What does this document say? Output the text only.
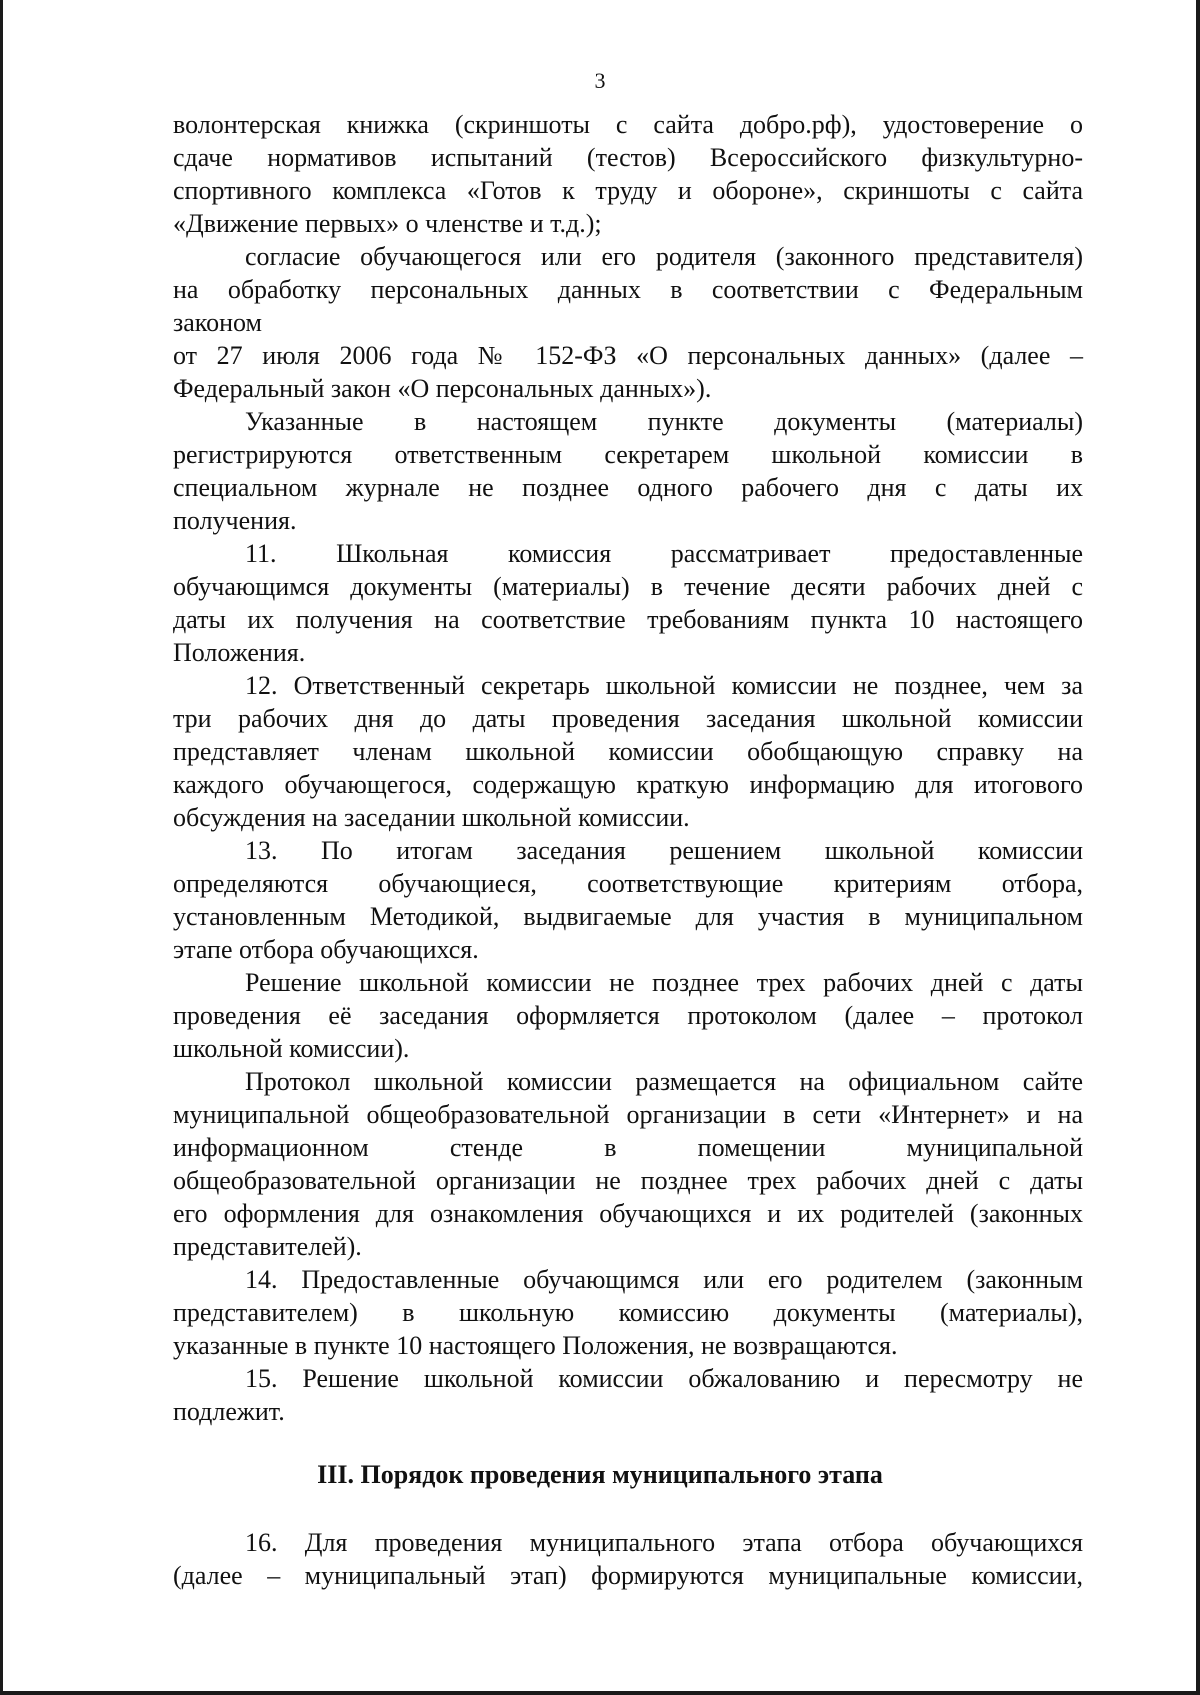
3
волонтерская книжка (скриншоты с сайта добро.рф), удостоверение о
сдаче нормативов испытаний (тестов) Всероссийского физкультурно-
спортивного комплекса «Готов к труду и обороне», скриншоты с сайта
«Движение первых» о членстве и т.д.);
согласие обучающегося или его родителя (законного представителя)
на обработку персональных данных в соответствии с Федеральным
законом
от 27 июля 2006 года № 152-ФЗ «О персональных данных» (далее –
Федеральный закон «О персональных данных»).
Указанные в настоящем пункте документы (материалы)
регистрируются ответственным секретарем школьной комиссии в
специальном журнале не позднее одного рабочего дня с даты их
получения.
11. Школьная комиссия рассматривает предоставленные
обучающимся документы (материалы) в течение десяти рабочих дней с
даты их получения на соответствие требованиям пункта 10 настоящего
Положения.
12. Ответственный секретарь школьной комиссии не позднее, чем за
три рабочих дня до даты проведения заседания школьной комиссии
представляет членам школьной комиссии обобщающую справку на
каждого обучающегося, содержащую краткую информацию для итогового
обсуждения на заседании школьной комиссии.
13. По итогам заседания решением школьной комиссии
определяются обучающиеся, соответствующие критериям отбора,
установленным Методикой, выдвигаемые для участия в муниципальном
этапе отбора обучающихся.
Решение школьной комиссии не позднее трех рабочих дней с даты
проведения её заседания оформляется протоколом (далее – протокол
школьной комиссии).
Протокол школьной комиссии размещается на официальном сайте
муниципальной общеобразовательной организации в сети «Интернет» и на
информационном стенде в помещении муниципальной
общеобразовательной организации не позднее трех рабочих дней с даты
его оформления для ознакомления обучающихся и их родителей (законных
представителей).
14. Предоставленные обучающимся или его родителем (законным
представителем) в школьную комиссию документы (материалы),
указанные в пункте 10 настоящего Положения, не возвращаются.
15. Решение школьной комиссии обжалованию и пересмотру не
подлежит.
III. Порядок проведения муниципального этапа
16. Для проведения муниципального этапа отбора обучающихся
(далее – муниципальный этап) формируются муниципальные комиссии,
